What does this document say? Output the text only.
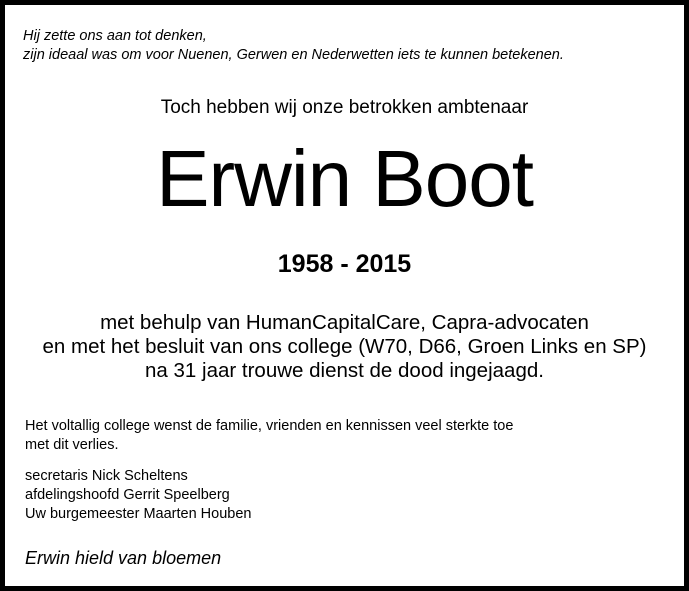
Hij zette ons aan tot denken,
zijn ideaal was om voor Nuenen, Gerwen en Nederwetten iets te kunnen betekenen.
Toch hebben wij onze betrokken ambtenaar
Erwin Boot
1958 - 2015
met behulp van HumanCapitalCare, Capra-advocaten
en met het besluit van ons college (W70, D66, Groen Links en SP)
na 31 jaar trouwe dienst de dood ingejaagd.
Het voltallig college wenst de familie, vrienden en kennissen veel sterkte toe
met dit verlies.
secretaris Nick Scheltens
afdelingshoofd Gerrit Speelberg
Uw burgemeester Maarten Houben
Erwin hield van bloemen
